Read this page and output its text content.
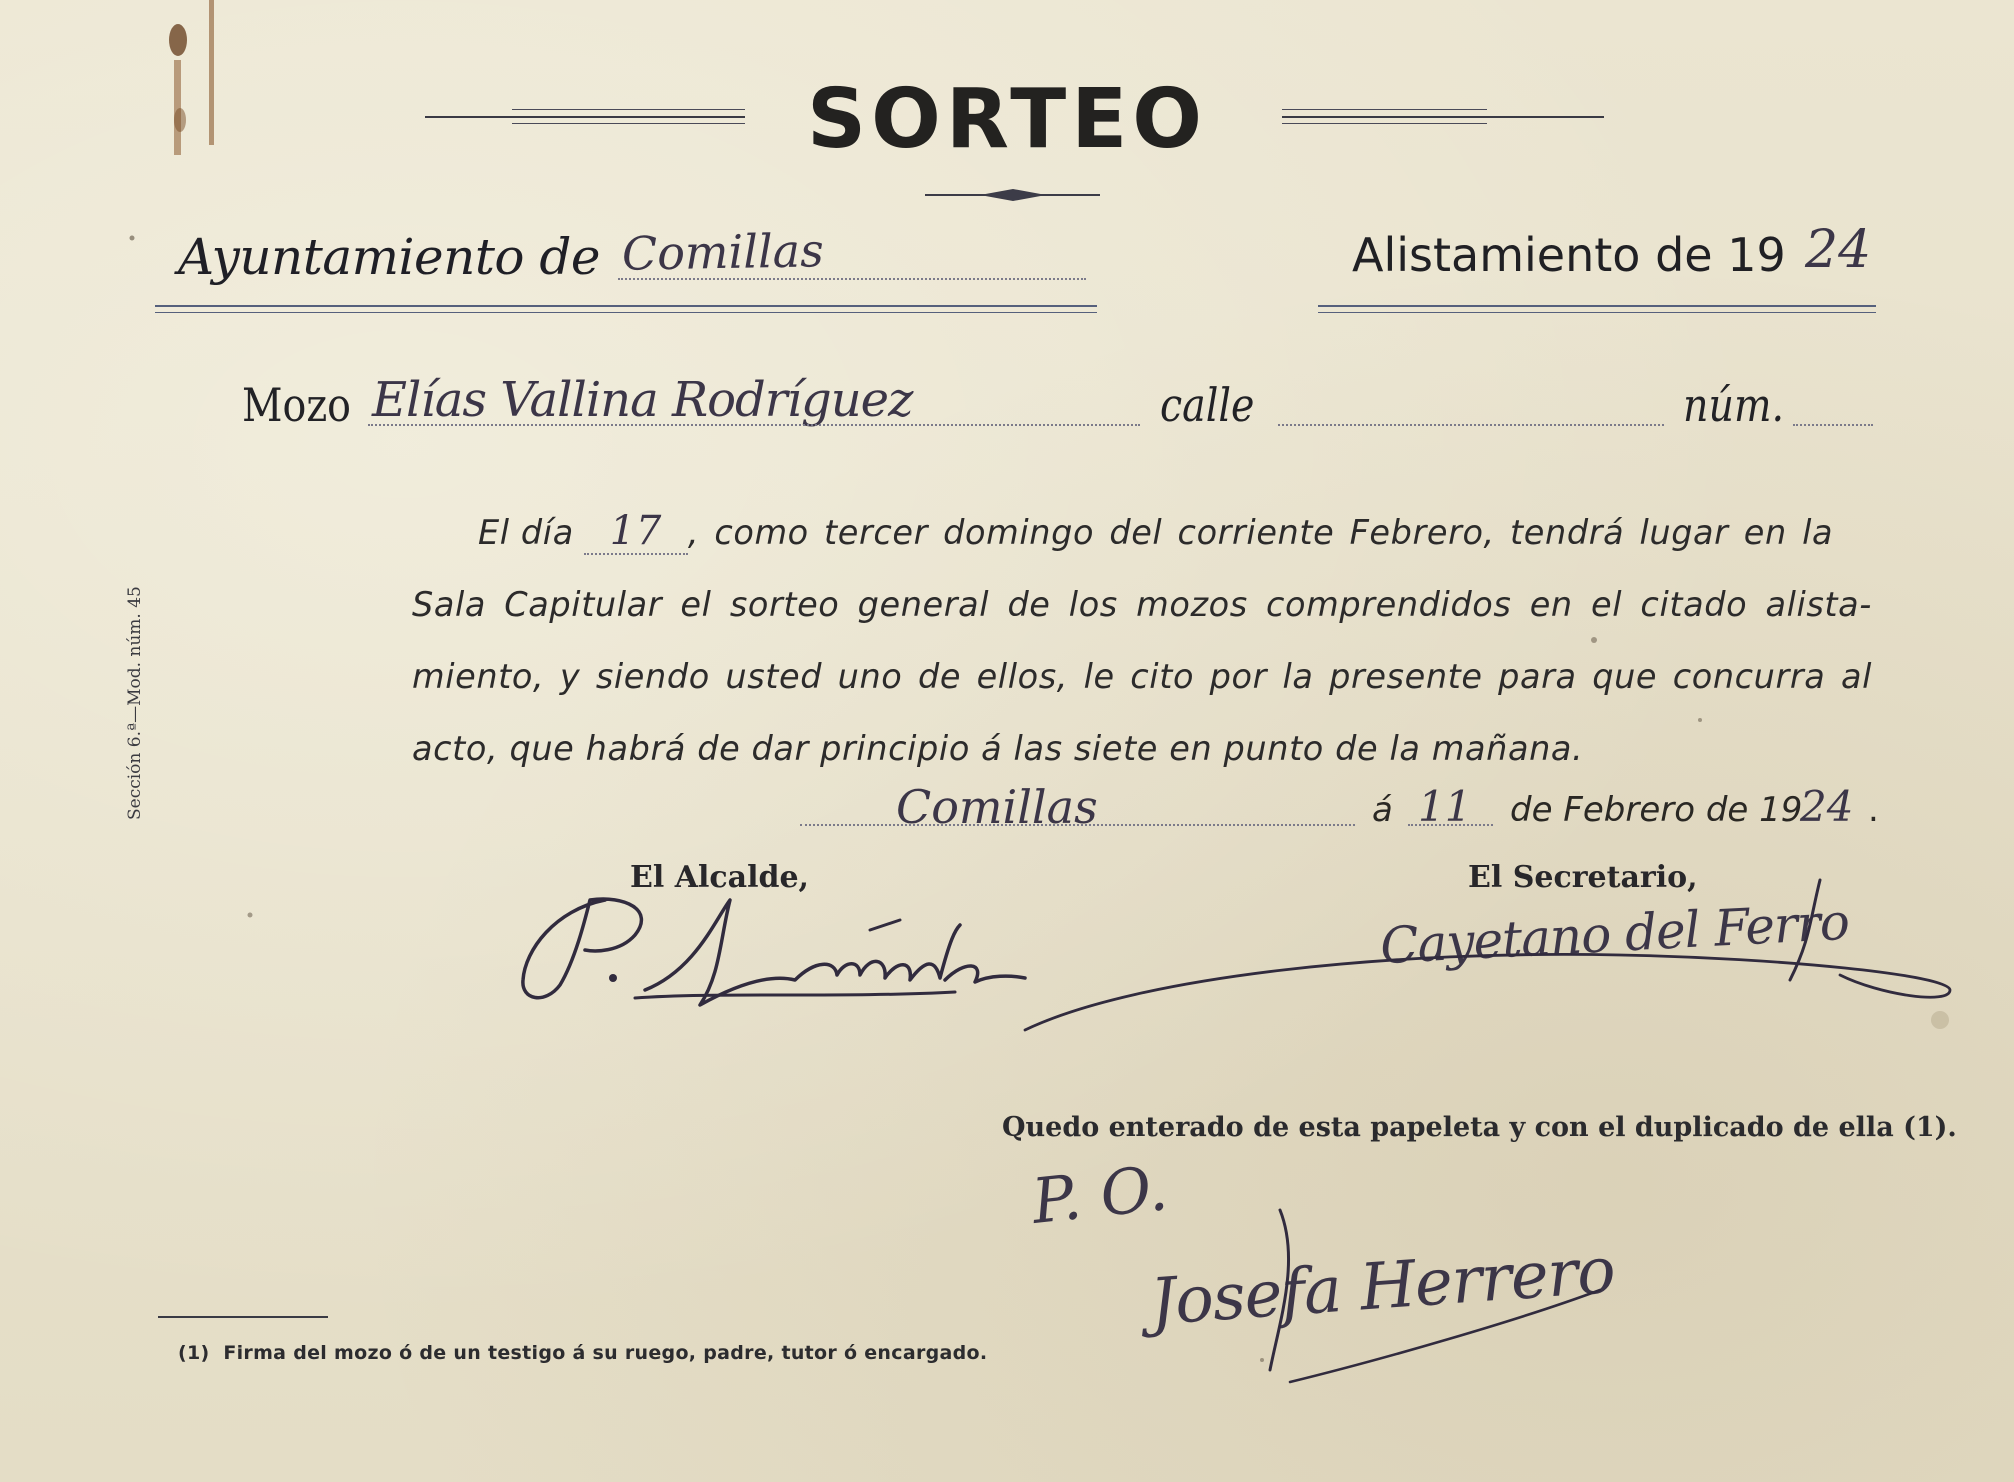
SORTEO
Ayuntamiento de Comillas	Alistamiento de 19 24
Mozo Elías Vallina Rodríguez	calle	núm.
El día 17 , como tercer domingo del corriente Febrero, tendrá lugar en la
Sala Capitular el sorteo general de los mozos comprendidos en el citado alista-
miento, y siendo usted uno de ellos, le cito por la presente para que concurra al
acto, que habrá de dar principio á las siete en punto de la mañana.
Comillas	á 11 de Febrero de 19
24 .
El Alcalde,	El Secretario,
Cayetano del Ferro
Quedo enterado de esta papeleta y con el duplicado de ella (1).
P. O.
Josefa Herrero
Sección 6.ª—Mod. núm. 45
(1)  Firma del mozo ó de un testigo á su ruego, padre, tutor ó encargado.
